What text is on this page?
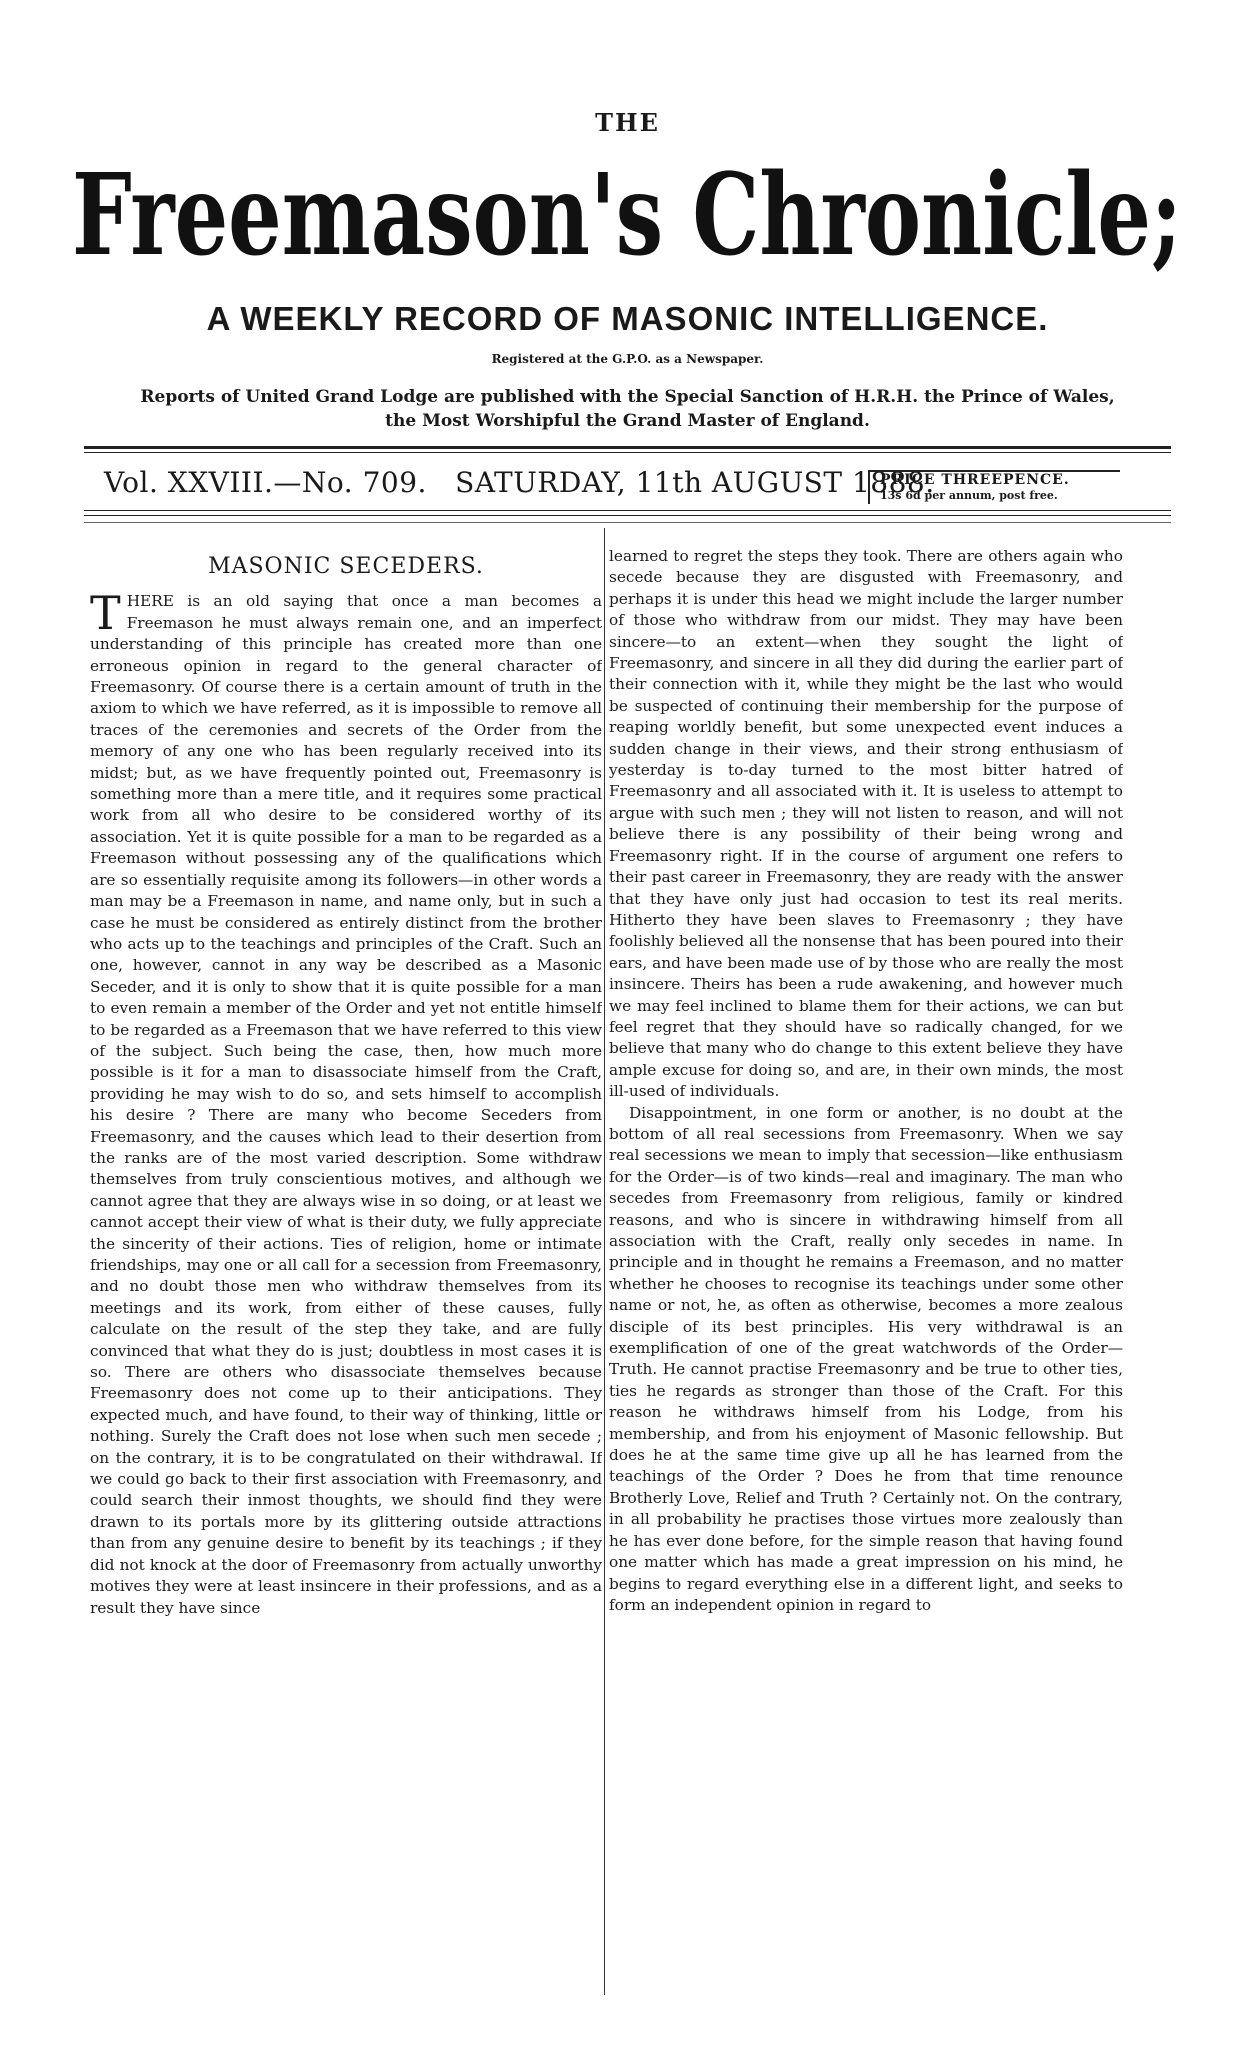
THE
Freemason's Chronicle;
A WEEKLY RECORD OF MASONIC INTELLIGENCE.
Registered at the G.P.O. as a Newspaper.
Reports of United Grand Lodge are published with the Special Sanction of H.R.H. the Prince of Wales,
the Most Worshipful the Grand Master of England.
Vol. XXVIII.—No. 709.   SATURDAY, 11th AUGUST 1888.
PRICE THREEPENCE.
13s 6d per annum, post free.
MASONIC SECEDERS.

THERE is an old saying that once a man becomes a Freemason he must always remain one, and an imperfect understanding of this principle has created more than one erroneous opinion in regard to the general character of Freemasonry. Of course there is a certain amount of truth in the axiom to which we have referred, as it is impossible to remove all traces of the ceremonies and secrets of the Order from the memory of any one who has been regularly received into its midst; but, as we have frequently pointed out, Freemasonry is something more than a mere title, and it requires some practical work from all who desire to be considered worthy of its association. Yet it is quite possible for a man to be regarded as a Freemason without possessing any of the qualifications which are so essentially requisite among its followers—in other words a man may be a Freemason in name, and name only, but in such a case he must be considered as entirely distinct from the brother who acts up to the teachings and principles of the Craft. Such an one, however, cannot in any way be described as a Masonic Seceder, and it is only to show that it is quite possible for a man to even remain a member of the Order and yet not entitle himself to be regarded as a Freemason that we have referred to this view of the subject. Such being the case, then, how much more possible is it for a man to disassociate himself from the Craft, providing he may wish to do so, and sets himself to accomplish his desire ? There are many who become Seceders from Freemasonry, and the causes which lead to their desertion from the ranks are of the most varied description. Some withdraw themselves from truly conscientious motives, and although we cannot agree that they are always wise in so doing, or at least we cannot accept their view of what is their duty, we fully appreciate the sincerity of their actions. Ties of religion, home or intimate friendships, may one or all call for a secession from Freemasonry, and no doubt those men who withdraw themselves from its meetings and its work, from either of these causes, fully calculate on the result of the step they take, and are fully convinced that what they do is just; doubtless in most cases it is so. There are others who disassociate themselves because Freemasonry does not come up to their anticipations. They expected much, and have found, to their way of thinking, little or nothing. Surely the Craft does not lose when such men secede ; on the contrary, it is to be congratulated on their withdrawal. If we could go back to their first association with Freemasonry, and could search their inmost thoughts, we should find they were drawn to its portals more by its glittering outside attractions than from any genuine desire to benefit by its teachings ; if they did not knock at the door of Freemasonry from actually unworthy motives they were at least insincere in their professions, and as a result they have since

learned to regret the steps they took. There are others again who secede because they are disgusted with Freemasonry, and perhaps it is under this head we might include the larger number of those who withdraw from our midst. They may have been sincere—to an extent—when they sought the light of Freemasonry, and sincere in all they did during the earlier part of their connection with it, while they might be the last who would be suspected of continuing their membership for the purpose of reaping worldly benefit, but some unexpected event induces a sudden change in their views, and their strong enthusiasm of yesterday is to-day turned to the most bitter hatred of Freemasonry and all associated with it. It is useless to attempt to argue with such men ; they will not listen to reason, and will not believe there is any possibility of their being wrong and Freemasonry right. If in the course of argument one refers to their past career in Freemasonry, they are ready with the answer that they have only just had occasion to test its real merits. Hitherto they have been slaves to Freemasonry ; they have foolishly believed all the nonsense that has been poured into their ears, and have been made use of by those who are really the most insincere. Theirs has been a rude awakening, and however much we may feel inclined to blame them for their actions, we can but feel regret that they should have so radically changed, for we believe that many who do change to this extent believe they have ample excuse for doing so, and are, in their own minds, the most ill-used of individuals.

Disappointment, in one form or another, is no doubt at the bottom of all real secessions from Freemasonry. When we say real secessions we mean to imply that secession—like enthusiasm for the Order—is of two kinds—real and imaginary. The man who secedes from Freemasonry from religious, family or kindred reasons, and who is sincere in withdrawing himself from all association with the Craft, really only secedes in name. In principle and in thought he remains a Freemason, and no matter whether he chooses to recognise its teachings under some other name or not, he, as often as otherwise, becomes a more zealous disciple of its best principles. His very withdrawal is an exemplification of one of the great watchwords of the Order—Truth. He cannot practise Freemasonry and be true to other ties, ties he regards as stronger than those of the Craft. For this reason he withdraws himself from his Lodge, from his membership, and from his enjoyment of Masonic fellowship. But does he at the same time give up all he has learned from the teachings of the Order ? Does he from that time renounce Brotherly Love, Relief and Truth ? Certainly not. On the contrary, in all probability he practises those virtues more zealously than he has ever done before, for the simple reason that having found one matter which has made a great impression on his mind, he begins to regard everything else in a different light, and seeks to form an independent opinion in regard to
